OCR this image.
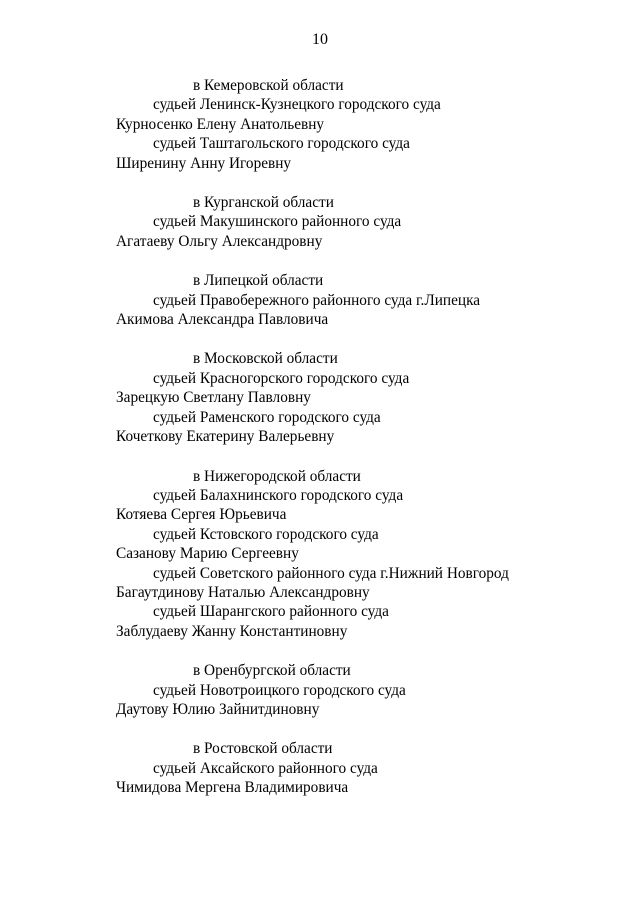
10
в Кемеровской области
судьей Ленинск-Кузнецкого городского суда
Курносенко Елену Анатольевну
судьей Таштагольского городского суда
Ширенину Анну Игоревну
в Курганской области
судьей Макушинского районного суда
Агатаеву Ольгу Александровну
в Липецкой области
судьей Правобережного районного суда г.Липецка
Акимова Александра Павловича
в Московской области
судьей Красногорского городского суда
Зарецкую Светлану Павловну
судьей Раменского городского суда
Кочеткову Екатерину Валерьевну
в Нижегородской области
судьей Балахнинского городского суда
Котяева Сергея Юрьевича
судьей Кстовского городского суда
Сазанову Марию Сергеевну
судьей Советского районного суда г.Нижний Новгород
Багаутдинову Наталью Александровну
судьей Шарангского районного суда
Заблудаеву Жанну Константиновну
в Оренбургской области
судьей Новотроицкого городского суда
Даутову Юлию Зайнитдиновну
в Ростовской области
судьей Аксайского районного суда
Чимидова Мергена Владимировича
